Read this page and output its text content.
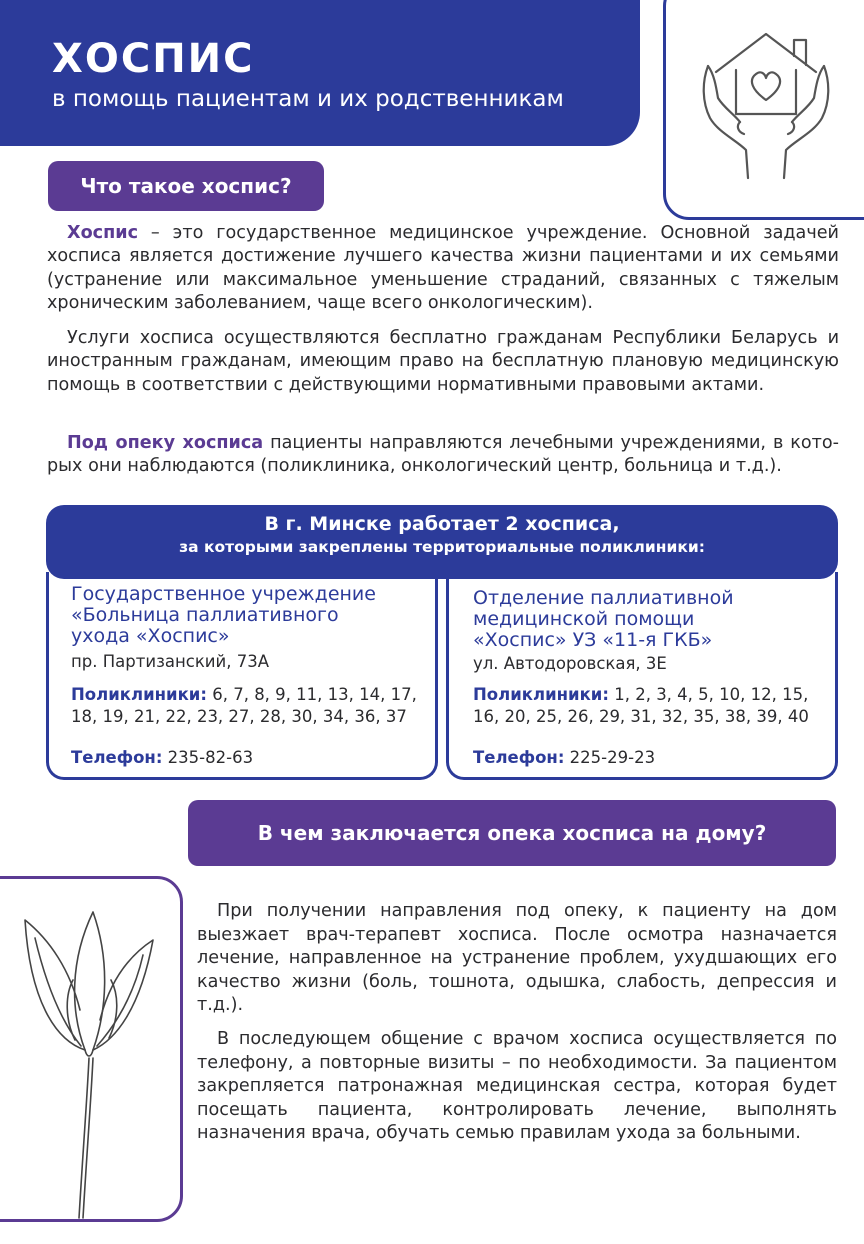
ХОСПИС
в помощь пациентам и их родственникам
Что такое хоспис?
Хоспис – это государственное медицинское учреждение. Основной задачей хосписа является достижение лучшего качества жизни пациентами и их семьями (устранение или максимальное уменьшение страданий, связанных с тяжелым хроническим заболеванием, чаще всего онкологическим).
Услуги хосписа осуществляются бесплатно гражданам Республики Беларусь и иностранным гражданам, имеющим право на бесплатную плановую медицинскую помощь в соответствии с действующими нормативными правовыми актами.
Под опеку хосписа пациенты направляются лечебными учреждениями, в которых они наблюдаются (поликлиника, онкологический центр, больница и т.д.).
В г. Минске работает 2 хосписа,
за которыми закреплены территориальные поликлиники:
Государственное учреждение
«Больница паллиативного
ухода «Хоспис»
пр. Партизанский, 73А
Поликлиники: 6, 7, 8, 9, 11, 13, 14, 17, 18, 19, 21, 22, 23, 27, 28, 30, 34, 36, 37
Телефон: 235-82-63
Отделение паллиативной
медицинской помощи
«Хоспис» УЗ «11-я ГКБ»
ул. Автодоровская, 3Е
Поликлиники: 1, 2, 3, 4, 5, 10, 12, 15, 16, 20, 25, 26, 29, 31, 32, 35, 38, 39, 40
Телефон: 225-29-23
В чем заключается опека хосписа на дому?
При получении направления под опеку, к пациенту на дом выезжает врач-терапевт хосписа. После осмотра назначается лечение, направленное на устранение проблем, ухудшающих его качество жизни (боль, тошнота, одышка, слабость, депрессия и т.д.).
В последующем общение с врачом хосписа осуществляется по телефону, а повторные визиты – по необходимости. За пациентом закрепляется патронажная медицинская сестра, которая будет посещать пациента, контролировать лечение, выполнять назначения врача, обучать семью правилам ухода за больными.
